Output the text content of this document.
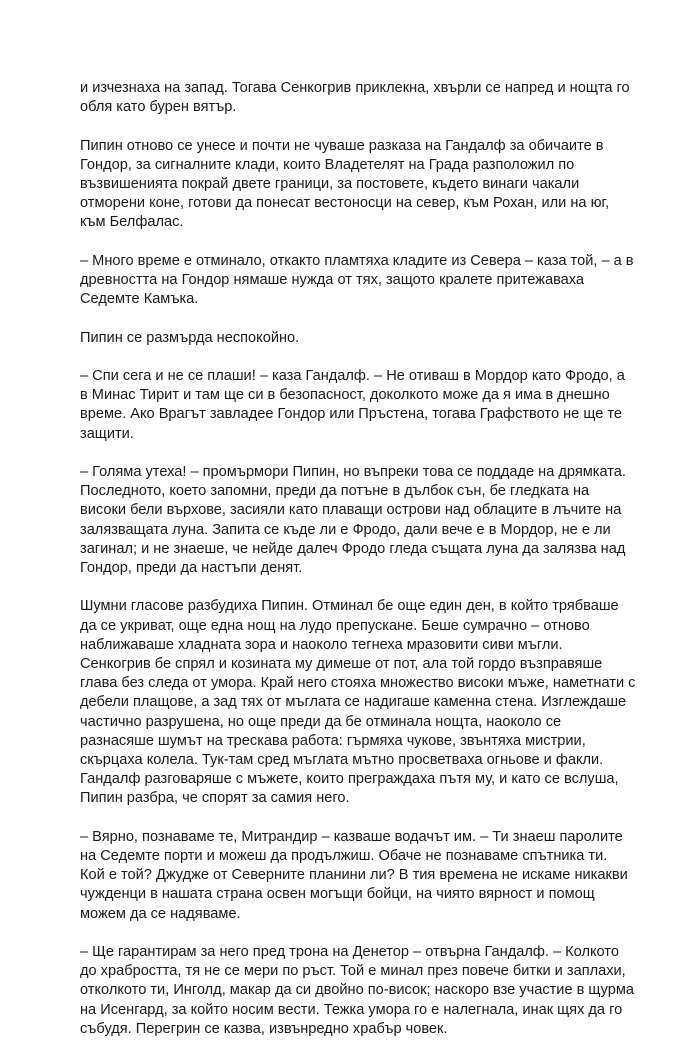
и изчезнаха на запад. Тогава Сенкогрив приклекна, хвърли се напред и нощта го обля като бурен вятър.

Пипин отново се унесе и почти не чуваше разказа на Гандалф за обичаите в Гондор, за сигналните клади, които Владетелят на Града разположил по възвишенията покрай двете граници, за постовете, където винаги чакали отморени коне, готови да понесат вестоносци на север, към Рохан, или на юг, към Белфалас.

– Много време е отминало, откакто пламтяха кладите из Севера – каза той, – а в древността на Гондор нямаше нужда от тях, защото кралете притежаваха Седемте Камъка.

Пипин се размърда неспокойно.

– Спи сега и не се плаши! – каза Гандалф. – Не отиваш в Мордор като Фродо, а в Минас Тирит и там ще си в безопасност, доколкото може да я има в днешно време. Ако Врагът завладее Гондор или Пръстена, тогава Графството не ще те защити.

– Голяма утеха! – промърмори Пипин, но въпреки това се поддаде на дрямката. Последното, което запомни, преди да потъне в дълбок сън, бе гледката на високи бели върхове, засияли като плаващи острови над облаците в лъчите на залязващата луна. Запита се къде ли е Фродо, дали вече е в Мордор, не е ли загинал; и не знаеше, че нейде далеч Фродо гледа същата луна да залязва над Гондор, преди да настъпи денят.

Шумни гласове разбудиха Пипин. Отминал бе още един ден, в който трябваше да се укриват, още една нощ на лудо препускане. Беше сумрачно – отново наближаваше хладната зора и наоколо тегнеха мразовити сиви мъгли. Сенкогрив бе спрял и козината му димеше от пот, ала той гордо възправяше глава без следа от умора. Край него стояха множество високи мъже, наметнати с дебели плащове, а зад тях от мъглата се надигаше каменна стена. Изглеждаше частично разрушена, но още преди да бе отминала нощта, наоколо се разнасяше шумът на трескава работа: гърмяха чукове, звънтяха мистрии, скърцаха колела. Тук-там сред мъглата мътно просветваха огньове и факли. Гандалф разговаряше с мъжете, които преграждаха пътя му, и като се вслуша, Пипин разбра, че спорят за самия него.

– Вярно, познаваме те, Митрандир – казваше водачът им. – Ти знаеш паролите на Седемте порти и можеш да продължиш. Обаче не познаваме спътника ти. Кой е той? Джудже от Северните планини ли? В тия времена не искаме никакви чужденци в нашата страна освен могъщи бойци, на чиято вярност и помощ можем да се надяваме.

– Ще гарантирам за него пред трона на Денетор – отвърна Гандалф. – Колкото до храбростта, тя не се мери по ръст. Той е минал през повече битки и заплахи, отколкото ти, Инголд, макар да си двойно по-висок; наскоро взе участие в щурма на Исенгард, за който носим вести. Тежка умора го е налегнала, инак щях да го събудя. Перегрин се казва, извънредно храбър човек.
